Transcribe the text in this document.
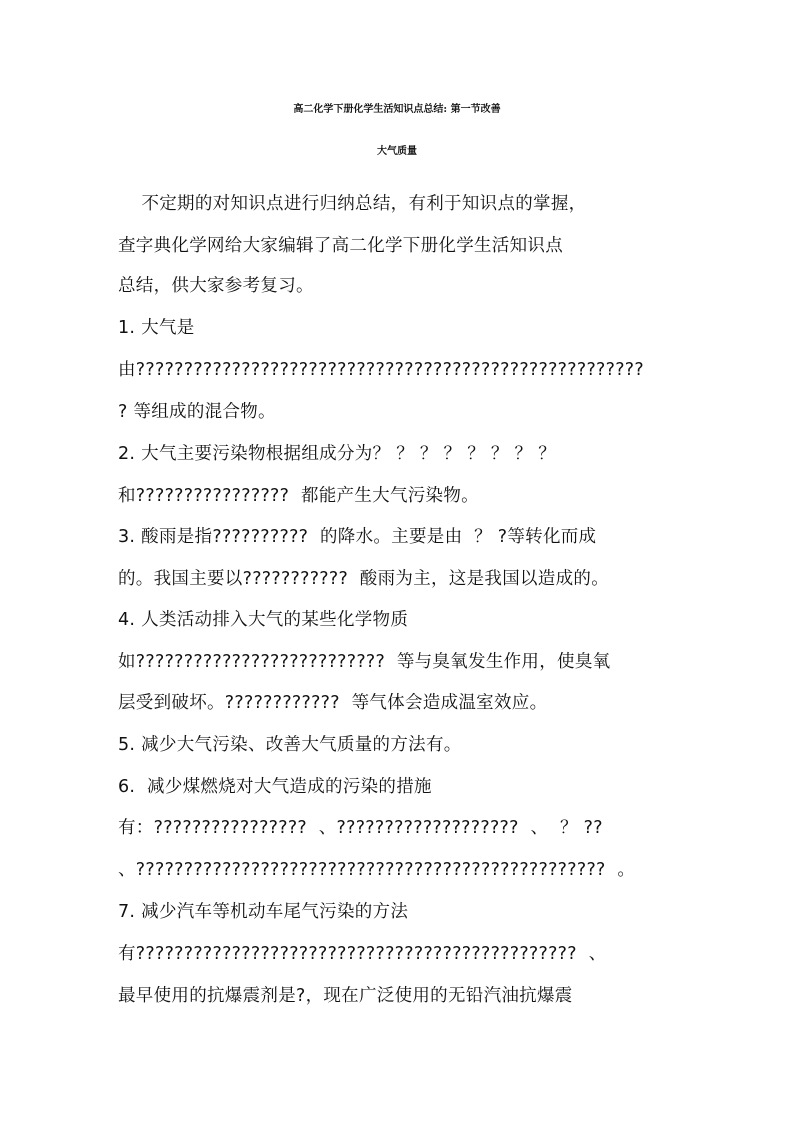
高二化学下册化学生活知识点总结: 第一节改善
大气质量
不定期的对知识点进行归纳总结，有利于知识点的掌握，
查字典化学网给大家编辑了高二化学下册化学生活知识点
总结，供大家参考复习。
1. 大气是
由?????????????????????????????????????????????????????
? 等组成的混合物。
2. 大气主要污染物根据组成分为？ ？ ？ ？ ？ ？ ？ ？
和????????????????  都能产生大气污染物。
3. 酸雨是指??????????  的降水。主要是由  ？ ?等转化而成
的。我国主要以???????????  酸雨为主，这是我国以造成的。
4. 人类活动排入大气的某些化学物质
如??????????????????????????  等与臭氧发生作用，使臭氧
层受到破坏。????????????  等气体会造成温室效应。
5. 减少大气污染、改善大气质量的方法有。
6.  减少煤燃烧对大气造成的污染的措施
有：????????????????  、???????????????????  、  ？ ??
、?????????????????????????????????????????????????  。
7. 减少汽车等机动车尾气污染的方法
有??????????????????????????????????????????????  、
最早使用的抗爆震剂是?，现在广泛使用的无铅汽油抗爆震
